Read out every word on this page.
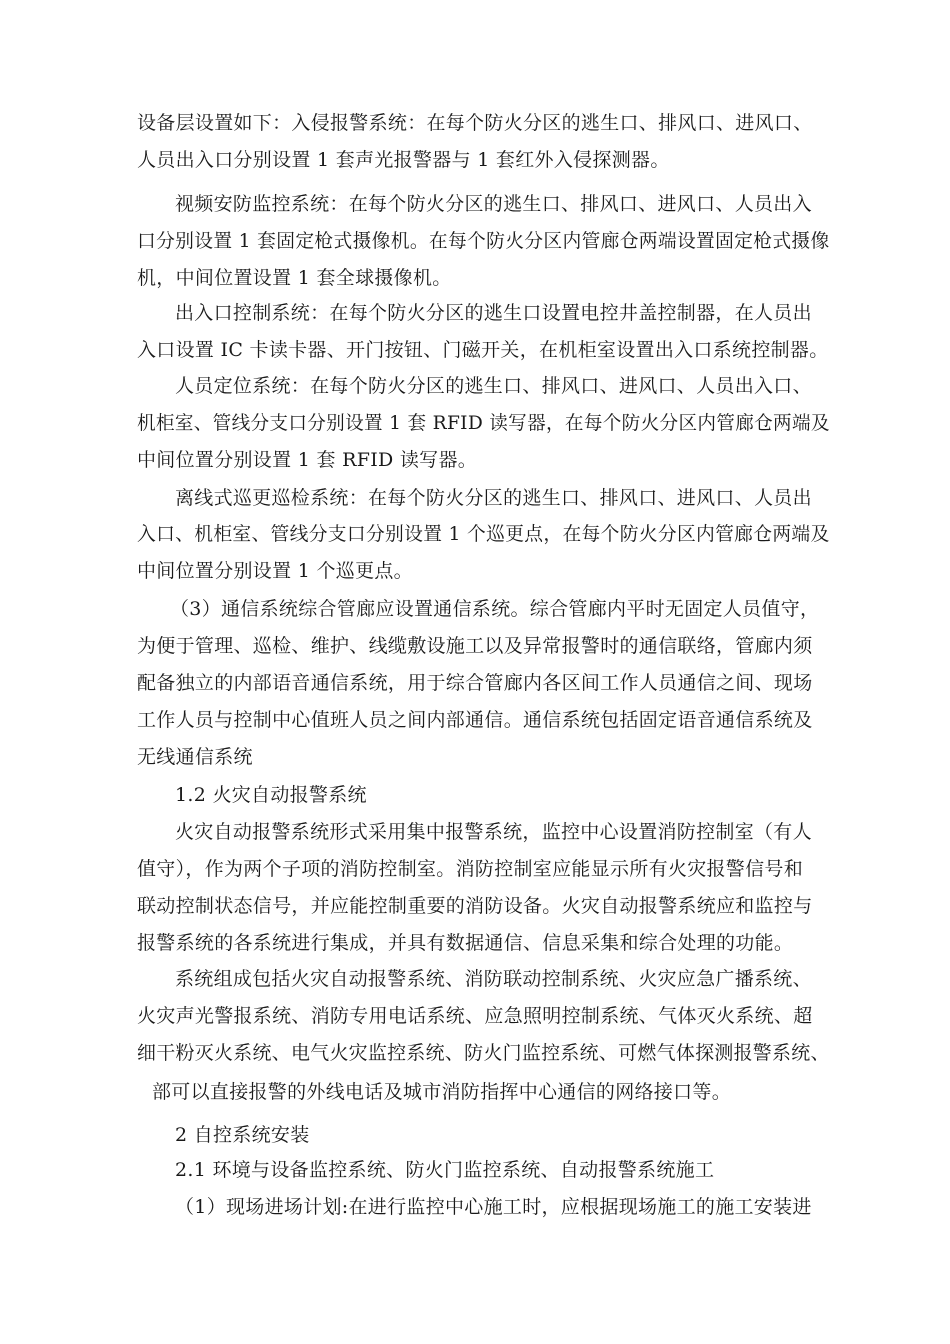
设备层设置如下：入侵报警系统：在每个防火分区的逃生口、排风口、进风口、
人员出入口分别设置 1 套声光报警器与 1 套红外入侵探测器。
视频安防监控系统：在每个防火分区的逃生口、排风口、进风口、人员出入
口分别设置 1 套固定枪式摄像机。在每个防火分区内管廊仓两端设置固定枪式摄像
机，中间位置设置 1 套全球摄像机。
出入口控制系统：在每个防火分区的逃生口设置电控井盖控制器，在人员出
入口设置 IC 卡读卡器、开门按钮、门磁开关，在机柜室设置出入口系统控制器。
人员定位系统：在每个防火分区的逃生口、排风口、进风口、人员出入口、
机柜室、管线分支口分别设置 1 套 RFID 读写器，在每个防火分区内管廊仓两端及
中间位置分别设置 1 套 RFID 读写器。
离线式巡更巡检系统：在每个防火分区的逃生口、排风口、进风口、人员出
入口、机柜室、管线分支口分别设置 1 个巡更点，在每个防火分区内管廊仓两端及
中间位置分别设置 1 个巡更点。
（3）通信系统综合管廊应设置通信系统。综合管廊内平时无固定人员值守，
为便于管理、巡检、维护、线缆敷设施工以及异常报警时的通信联络，管廊内须
配备独立的内部语音通信系统，用于综合管廊内各区间工作人员通信之间、现场
工作人员与控制中心值班人员之间内部通信。通信系统包括固定语音通信系统及
无线通信系统
1.2 火灾自动报警系统
火灾自动报警系统形式采用集中报警系统，监控中心设置消防控制室（有人
值守），作为两个子项的消防控制室。消防控制室应能显示所有火灾报警信号和
联动控制状态信号，并应能控制重要的消防设备。火灾自动报警系统应和监控与
报警系统的各系统进行集成，并具有数据通信、信息采集和综合处理的功能。
系统组成包括火灾自动报警系统、消防联动控制系统、火灾应急广播系统、
火灾声光警报系统、消防专用电话系统、应急照明控制系统、气体灭火系统、超
细干粉灭火系统、电气火灾监控系统、防火门监控系统、可燃气体探测报警系统、
部可以直接报警的外线电话及城市消防指挥中心通信的网络接口等。
2 自控系统安装
2.1 环境与设备监控系统、防火门监控系统、自动报警系统施工
（1）现场进场计划:在进行监控中心施工时，应根据现场施工的施工安装进
